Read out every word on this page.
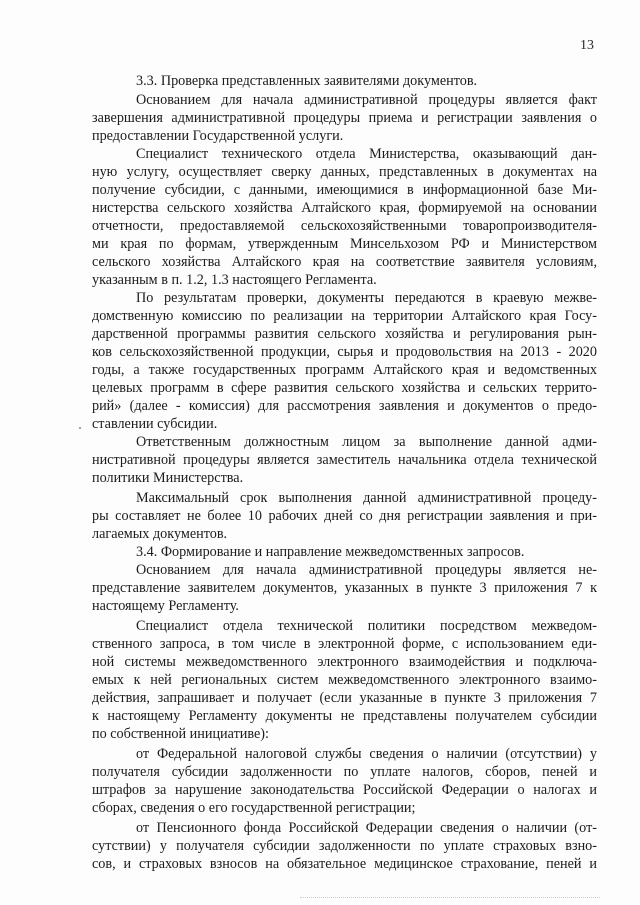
13
3.3. Проверка представленных заявителями документов.
Основанием для начала административной процедуры является факт
завершения административной процедуры приема и регистрации заявления о
предоставлении Государственной услуги.
Специалист технического отдела Министерства, оказывающий дан-
ную услугу, осуществляет сверку данных, представленных в документах на
получение субсидии, с данными, имеющимися в информационной базе Ми-
нистерства сельского хозяйства Алтайского края, формируемой на основании
отчетности, предоставляемой сельскохозяйственными товаропроизводителя-
ми края по формам, утвержденным Минсельхозом РФ и Министерством
сельского хозяйства Алтайского края на соответствие заявителя условиям,
указанным в п. 1.2, 1.3 настоящего Регламента.
По результатам проверки, документы передаются в краевую межве-
домственную комиссию по реализации на территории Алтайского края Госу-
дарственной программы развития сельского хозяйства и регулирования рын-
ков сельскохозяйственной продукции, сырья и продовольствия на 2013 - 2020
годы, а также государственных программ Алтайского края и ведомственных
целевых программ в сфере развития сельского хозяйства и сельских террито-
рий» (далее - комиссия) для рассмотрения заявления и документов о предо-
ставлении субсидии.
Ответственным должностным лицом за выполнение данной адми-
нистративной процедуры является заместитель начальника отдела технической
политики Министерства.
Максимальный срок выполнения данной административной процеду-
ры составляет не более 10 рабочих дней со дня регистрации заявления и при-
лагаемых документов.
3.4. Формирование и направление межведомственных запросов.
Основанием для начала административной процедуры является не-
представление заявителем документов, указанных в пункте 3 приложения 7 к
настоящему Регламенту.
Специалист отдела технической политики посредством межведом-
ственного запроса, в том числе в электронной форме, с использованием еди-
ной системы межведомственного электронного взаимодействия и подключа-
емых к ней региональных систем межведомственного электронного взаимо-
действия, запрашивает и получает (если указанные в пункте 3 приложения 7
к настоящему Регламенту документы не представлены получателем субсидии
по собственной инициативе):
от Федеральной налоговой службы сведения о наличии (отсутствии) у
получателя субсидии задолженности по уплате налогов, сборов, пеней и
штрафов за нарушение законодательства Российской Федерации о налогах и
сборах, сведения о его государственной регистрации;
от Пенсионного фонда Российской Федерации сведения о наличии (от-
сутствии) у получателя субсидии задолженности по уплате страховых взно-
сов, и страховых взносов на обязательное медицинское страхование, пеней и
